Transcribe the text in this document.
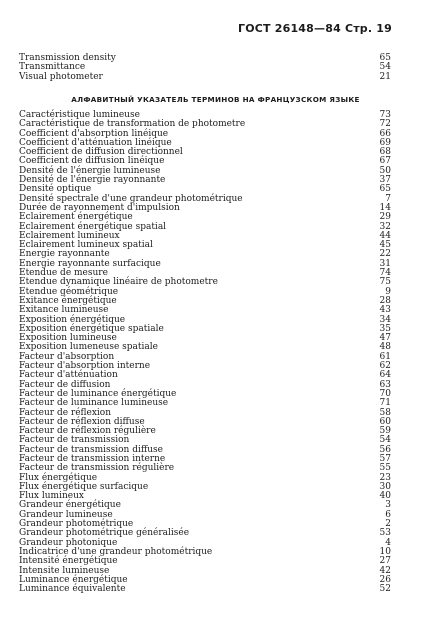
ГОСТ 26148—84 Стр. 19
Transmission density	65
Transmittance	54
Visual photometer	21
АЛФАВИТНЫЙ УКАЗАТЕЛЬ ТЕРМИНОВ НА ФРАНЦУЗСКОМ ЯЗЫКЕ
Caractéristique lumineuse	73
Caractéristique de transformation de photometre	72
Coefficient d'absorption linéique	66
Coefficient d'atténuation linéique	69
Coefficient de diffusion directionnel	68
Coefficient de diffusion linéique	67
Densité de l'énergie lumineuse	50
Densité de l'énergie rayonnante	37
Densité optique	65
Densité spectrale d'une grandeur photométrique	7
Durée de rayonnement d'impulsion	14
Eclairement énergétique	29
Eclairement énergétique spatial	32
Eclairement lumineux	44
Eclairement lumineux spatial	45
Energie rayonnante	22
Energie rayonnante surfacique	31
Etendue de mesure	74
Etendue dynamique linéaire de photometre	75
Etendue géométrique	9
Exitance énergétique	28
Exitance lumineuse	43
Exposition énergétique	34
Exposition énergétique spatiale	35
Exposition lumineuse	47
Exposition lumeneuse spatiale	48
Facteur d'absorption	61
Facteur d'absorption interne	62
Facteur d'atténuation	64
Facteur de diffusion	63
Facteur de luminance énergétique	70
Facteur de luminance lumineuse	71
Facteur de réflexion	58
Facteur de réflexion diffuse	60
Facteur de réflexion régulière	59
Facteur de transmission	54
Facteur de transmission diffuse	56
Facteur de transmission interne	57
Facteur de transmission régulière	55
Flux énergétique	23
Flux énergétique surfacique	30
Flux lumineux	40
Grandeur énergétique	3
Grandeur lumineuse	6
Grandeur photométrique	2
Grandeur photométrique généralisée	53
Grandeur photonique	4
Indicatrice d'une grandeur photométrique	10
Intensité énergétique	27
Intensite lumineuse	42
Luminance énergétique	26
Luminance équivalente	52
